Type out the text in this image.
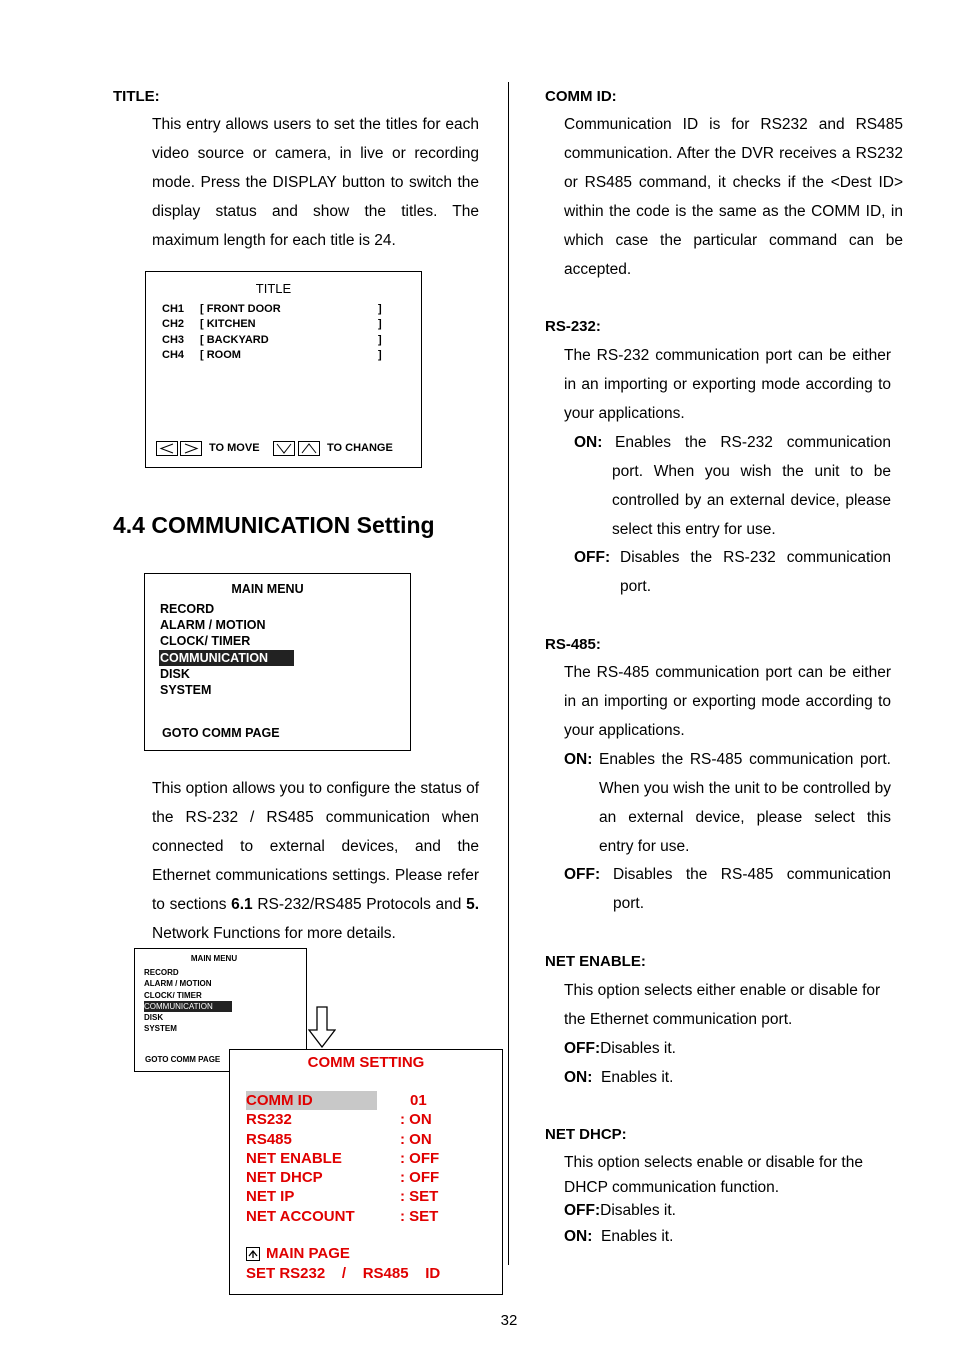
TITLE:
This entry allows users to set the titles for each video source or camera, in live or recording mode. Press the DISPLAY button to switch the display status and show the titles. The maximum length for each title is 24.
TITLE
CH1 [ FRONT DOOR	]
CH2 [ KITCHEN	]
CH3 [ BACKYARD	]
CH4 [ ROOM	]
TO MOVE	TO CHANGE
4.4 COMMUNICATION Setting
MAIN MENU
RECORD
ALARM / MOTION
CLOCK/ TIMER
COMMUNICATION
DISK
SYSTEM
GOTO COMM PAGE
This option allows you to configure the status of the RS-232 / RS485 communication when connected to external devices, and the Ethernet communications settings. Please refer to sections 6.1 RS-232/RS485 Protocols and 5. Network Functions for more details.
MAIN MENU
RECORD
ALARM / MOTION
CLOCK/ TIMER
COMMUNICATION
DISK
SYSTEM
GOTO COMM PAGE	COMM SETTING
COMM ID	01
RS232	: ON
RS485	: ON
NET ENABLE	: OFF
NET DHCP	: OFF
NET IP	: SET
NET ACCOUNT	: SET
MAIN PAGE
SET RS232    /    RS485    ID
COMM ID:
Communication ID is for RS232 and RS485 communication. After the DVR receives a RS232 or RS485 command, it checks if the <Dest ID> within the code is the same as the COMM ID, in which case the particular command can be accepted.
RS-232:
The RS-232 communication port can be either in an importing or exporting mode according to your applications.
ON: Enables the RS-232 communication port. When you wish the unit to be controlled by an external device, please select this entry for use.
OFF: Disables the RS-232 communication port.
RS-485:
The RS-485 communication port can be either in an importing or exporting mode according to your applications.
ON: Enables the RS-485 communication port. When you wish the unit to be controlled by an external device, please select this entry for use.
OFF: Disables the RS-485 communication port.
NET ENABLE:
This option selects either enable or disable for the Ethernet communication port.
OFF:Disables it.
ON: Enables it.
NET DHCP:
This option selects enable or disable for the DHCP communication function.
OFF:Disables it.
ON: Enables it.
32
